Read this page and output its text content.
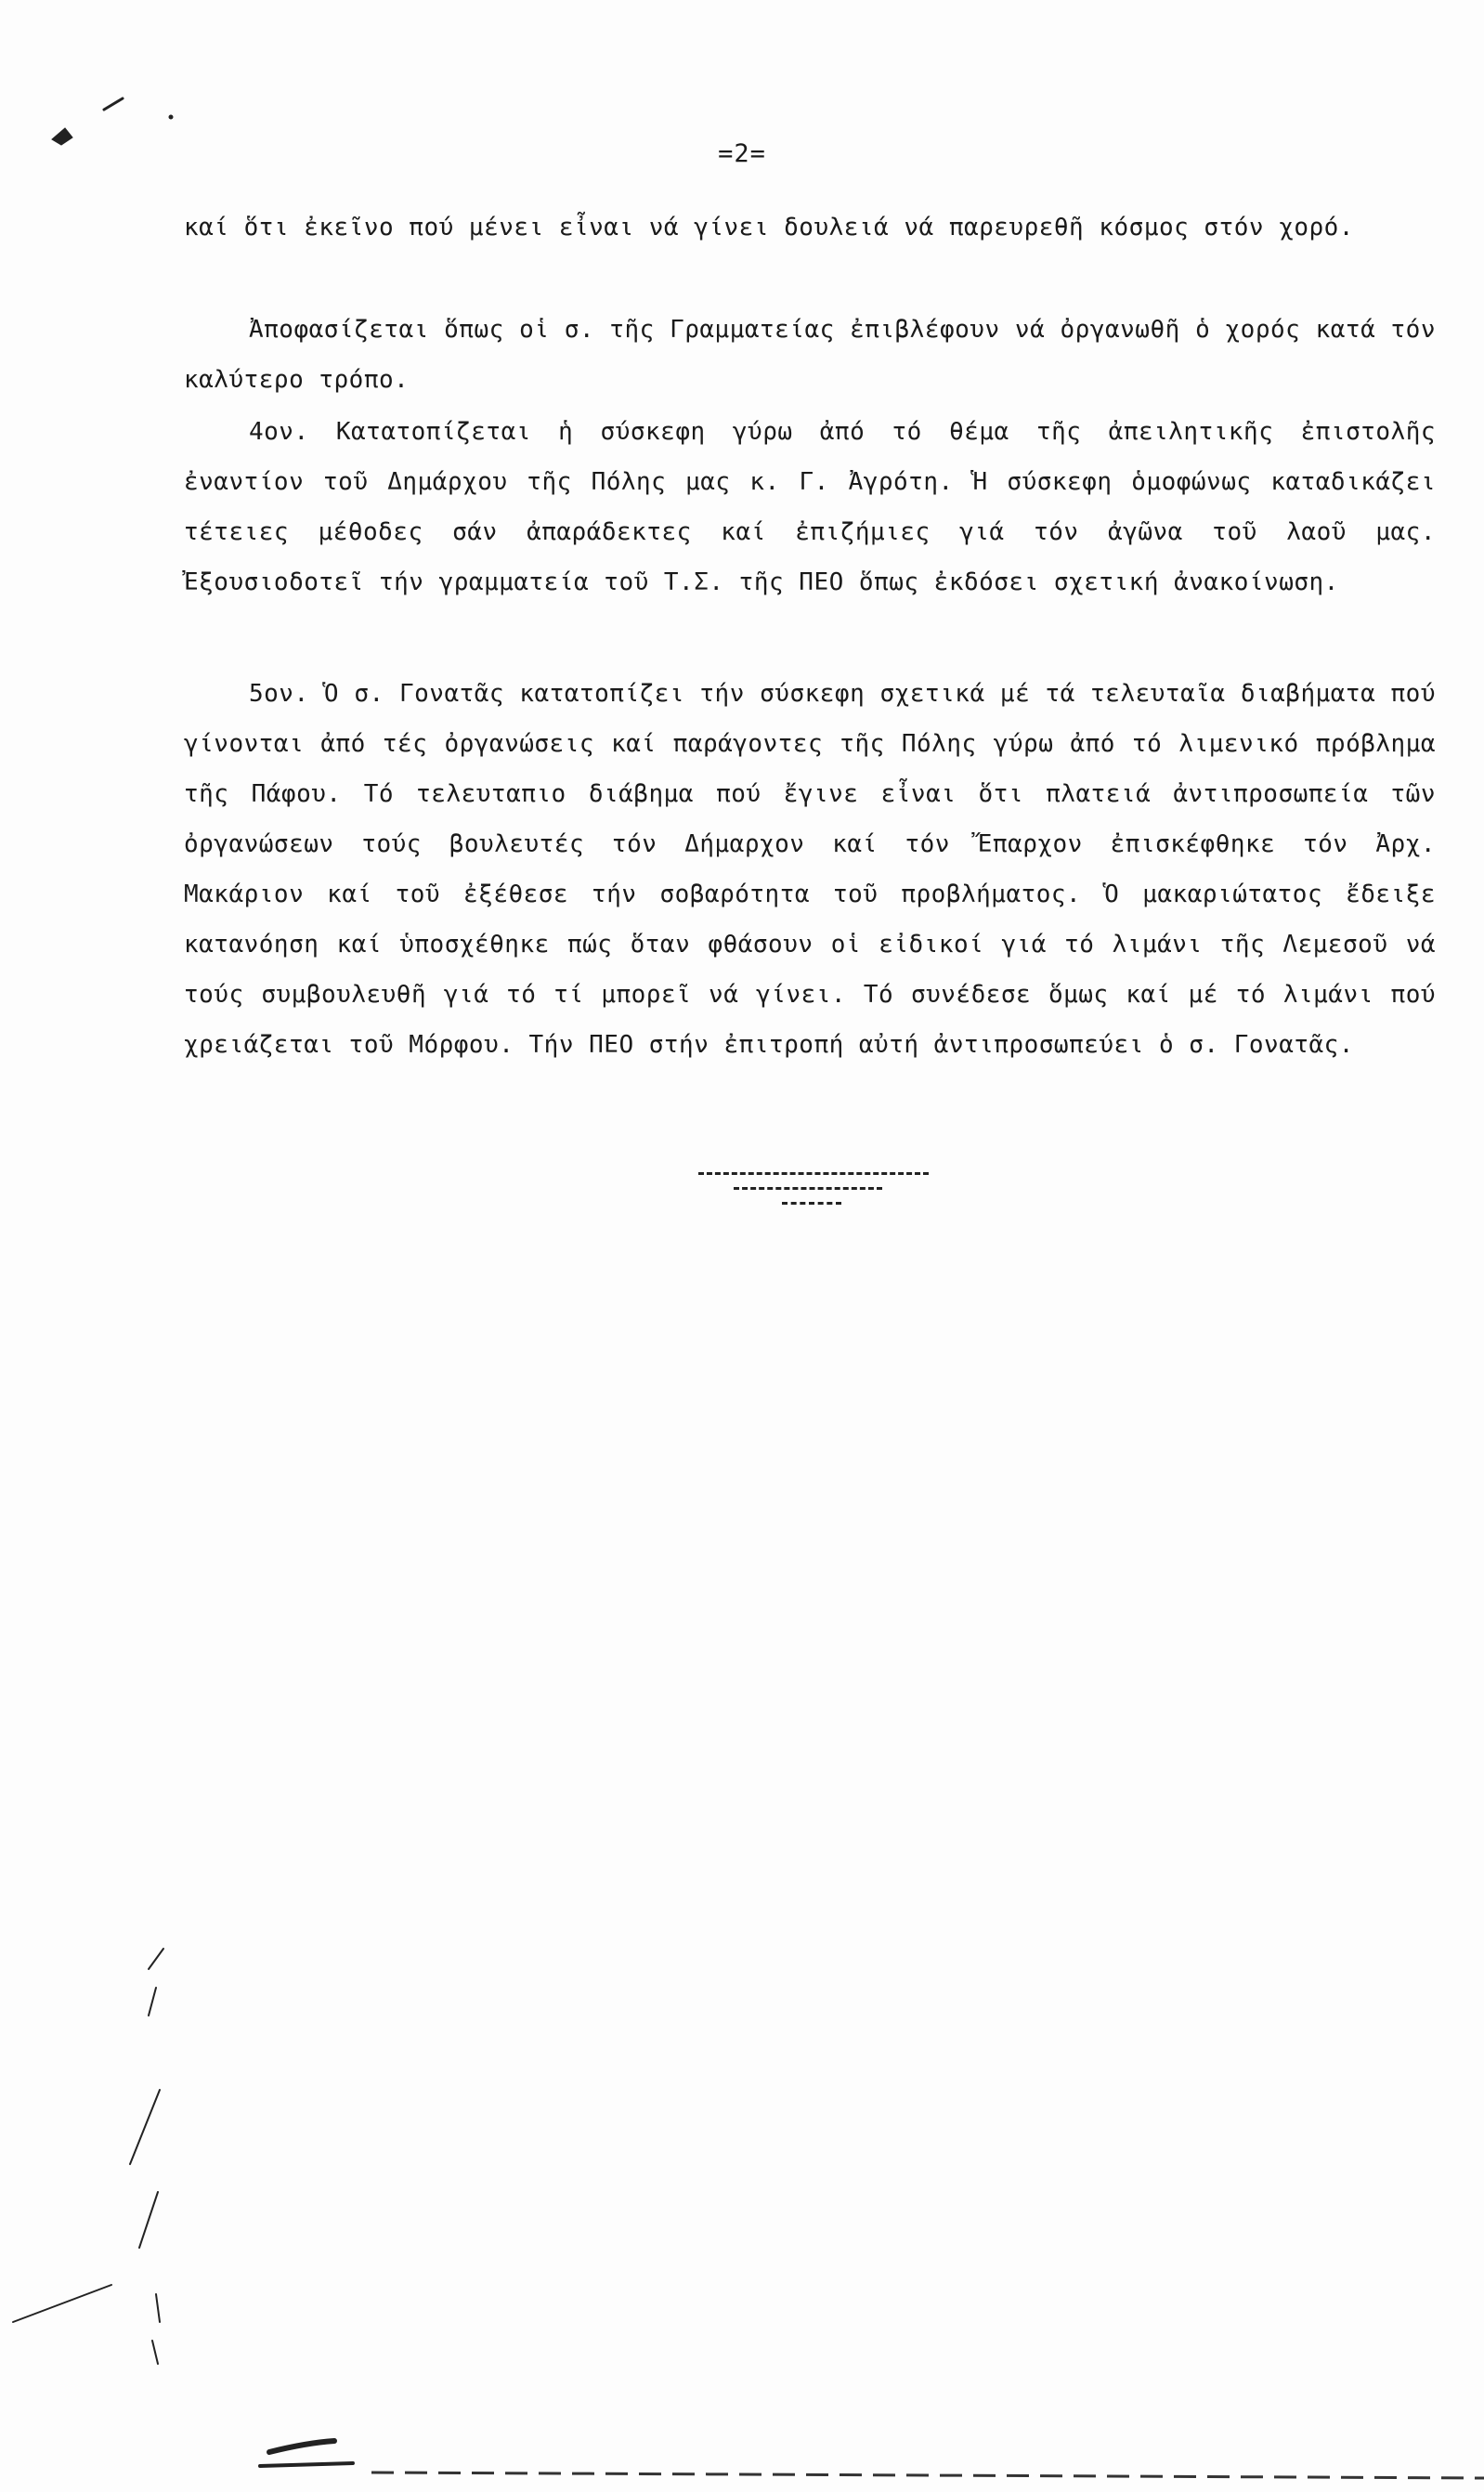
=2=

καί ὅτι ἐκεῖνο πού μένει εἶναι νά γίνει δουλειά νά παρευρεθῆ κόσμος στόν χορό.

Ἀποφασίζεται ὅπως οἱ σ. τῆς Γραμματείας ἐπιβλέφουν νά ὀργανωθῆ ὁ χορός κατά τόν καλύτερο τρόπο.

4ον. Κατατοπίζεται ἡ σύσκεφη γύρω ἀπό τό θέμα τῆς ἀπειλητικῆς ἐπιστολῆς ἐναντίον τοῦ Δημάρχου τῆς Πόλης μας κ. Γ. Ἀγρότη. Ἡ σύσκεφη ὁμοφώνως καταδικάζει τέτειες μέθοδες σάν ἀπαράδεκτες καί ἐπιζήμιες γιά τόν ἀγῶνα τοῦ λαοῦ μας. Ἐξουσιοδοτεῖ τήν γραμματεία τοῦ Τ.Σ. τῆς ΠΕΟ ὅπως ἐκδόσει σχετική ἀνακοίνωση.

5ον. Ὁ σ. Γονατᾶς κατατοπίζει τήν σύσκεφη σχετικά μέ τά τελευταῖα διαβήματα πού γίνονται ἀπό τές ὀργανώσεις καί παράγοντες τῆς Πόλης γύρω ἀπό τό λιμενικό πρόβλημα τῆς Πάφου. Τό τελευταπιο διάβημα πού ἔγινε εἶναι ὅτι πλατειά ἀντιπροσωπεία τῶν ὀργανώσεων τούς βουλευτές τόν Δήμαρχον καί τόν Ἔπαρχον ἐπισκέφθηκε τόν Ἀρχ. Μακάριον καί τοῦ ἐξέθεσε τήν σοβαρότητα τοῦ προβλήματος. Ὁ μακαριώτατος ἔδειξε κατανόηση καί ὑποσχέθηκε πώς ὅταν φθάσουν οἱ εἰδικοί γιά τό λιμάνι τῆς Λεμεσοῦ νά τούς συμβουλευθῆ γιά τό τί μπορεῖ νά γίνει. Τό συνέδεσε ὅμως καί μέ τό λιμάνι πού χρειάζεται τοῦ Μόρφου. Τήν ΠΕΟ στήν ἐπιτροπή αὐτή ἀντιπροσωπεύει ὁ σ. Γονατᾶς.
